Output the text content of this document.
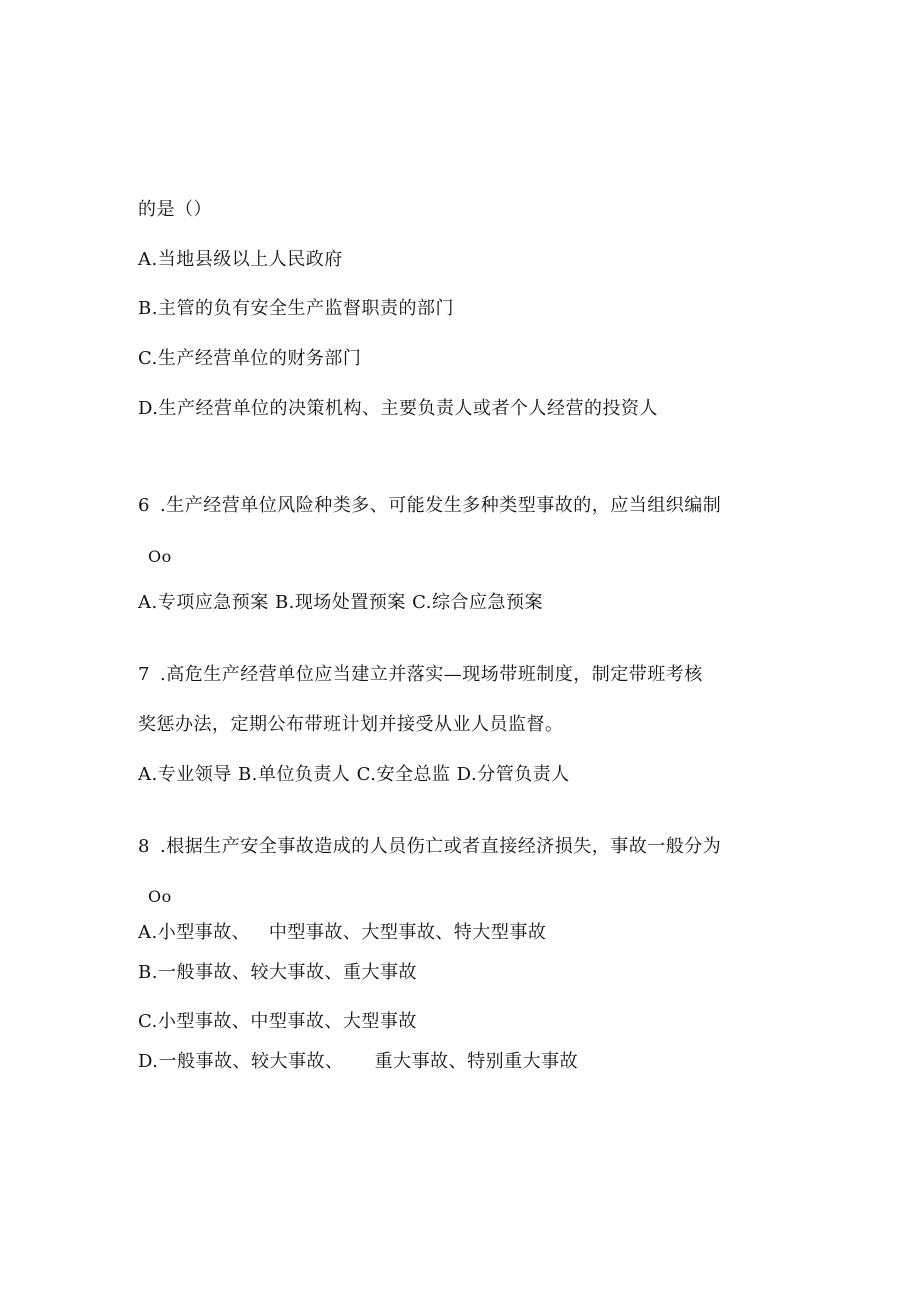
的是（）
A.当地县级以上人民政府
B.主管的负有安全生产监督职责的部门
C.生产经营单位的财务部门
D.生产经营单位的决策机构、主要负责人或者个人经营的投资人
6 .生产经营单位风险种类多、可能发生多种类型事故的，应当组织编制
Oo
A.专项应急预案 B.现场处置预案 C.综合应急预案
7 .高危生产经营单位应当建立并落实—现场带班制度，制定带班考核
奖惩办法，定期公布带班计划并接受从业人员监督。
A.专业领导 B.单位负责人 C.安全总监 D.分管负责人
8 .根据生产安全事故造成的人员伤亡或者直接经济损失，事故一般分为
Oo
A.小型事故、   中型事故、大型事故、特大型事故
B.一般事故、较大事故、重大事故
C.小型事故、中型事故、大型事故
D.一般事故、较大事故、     重大事故、特别重大事故
